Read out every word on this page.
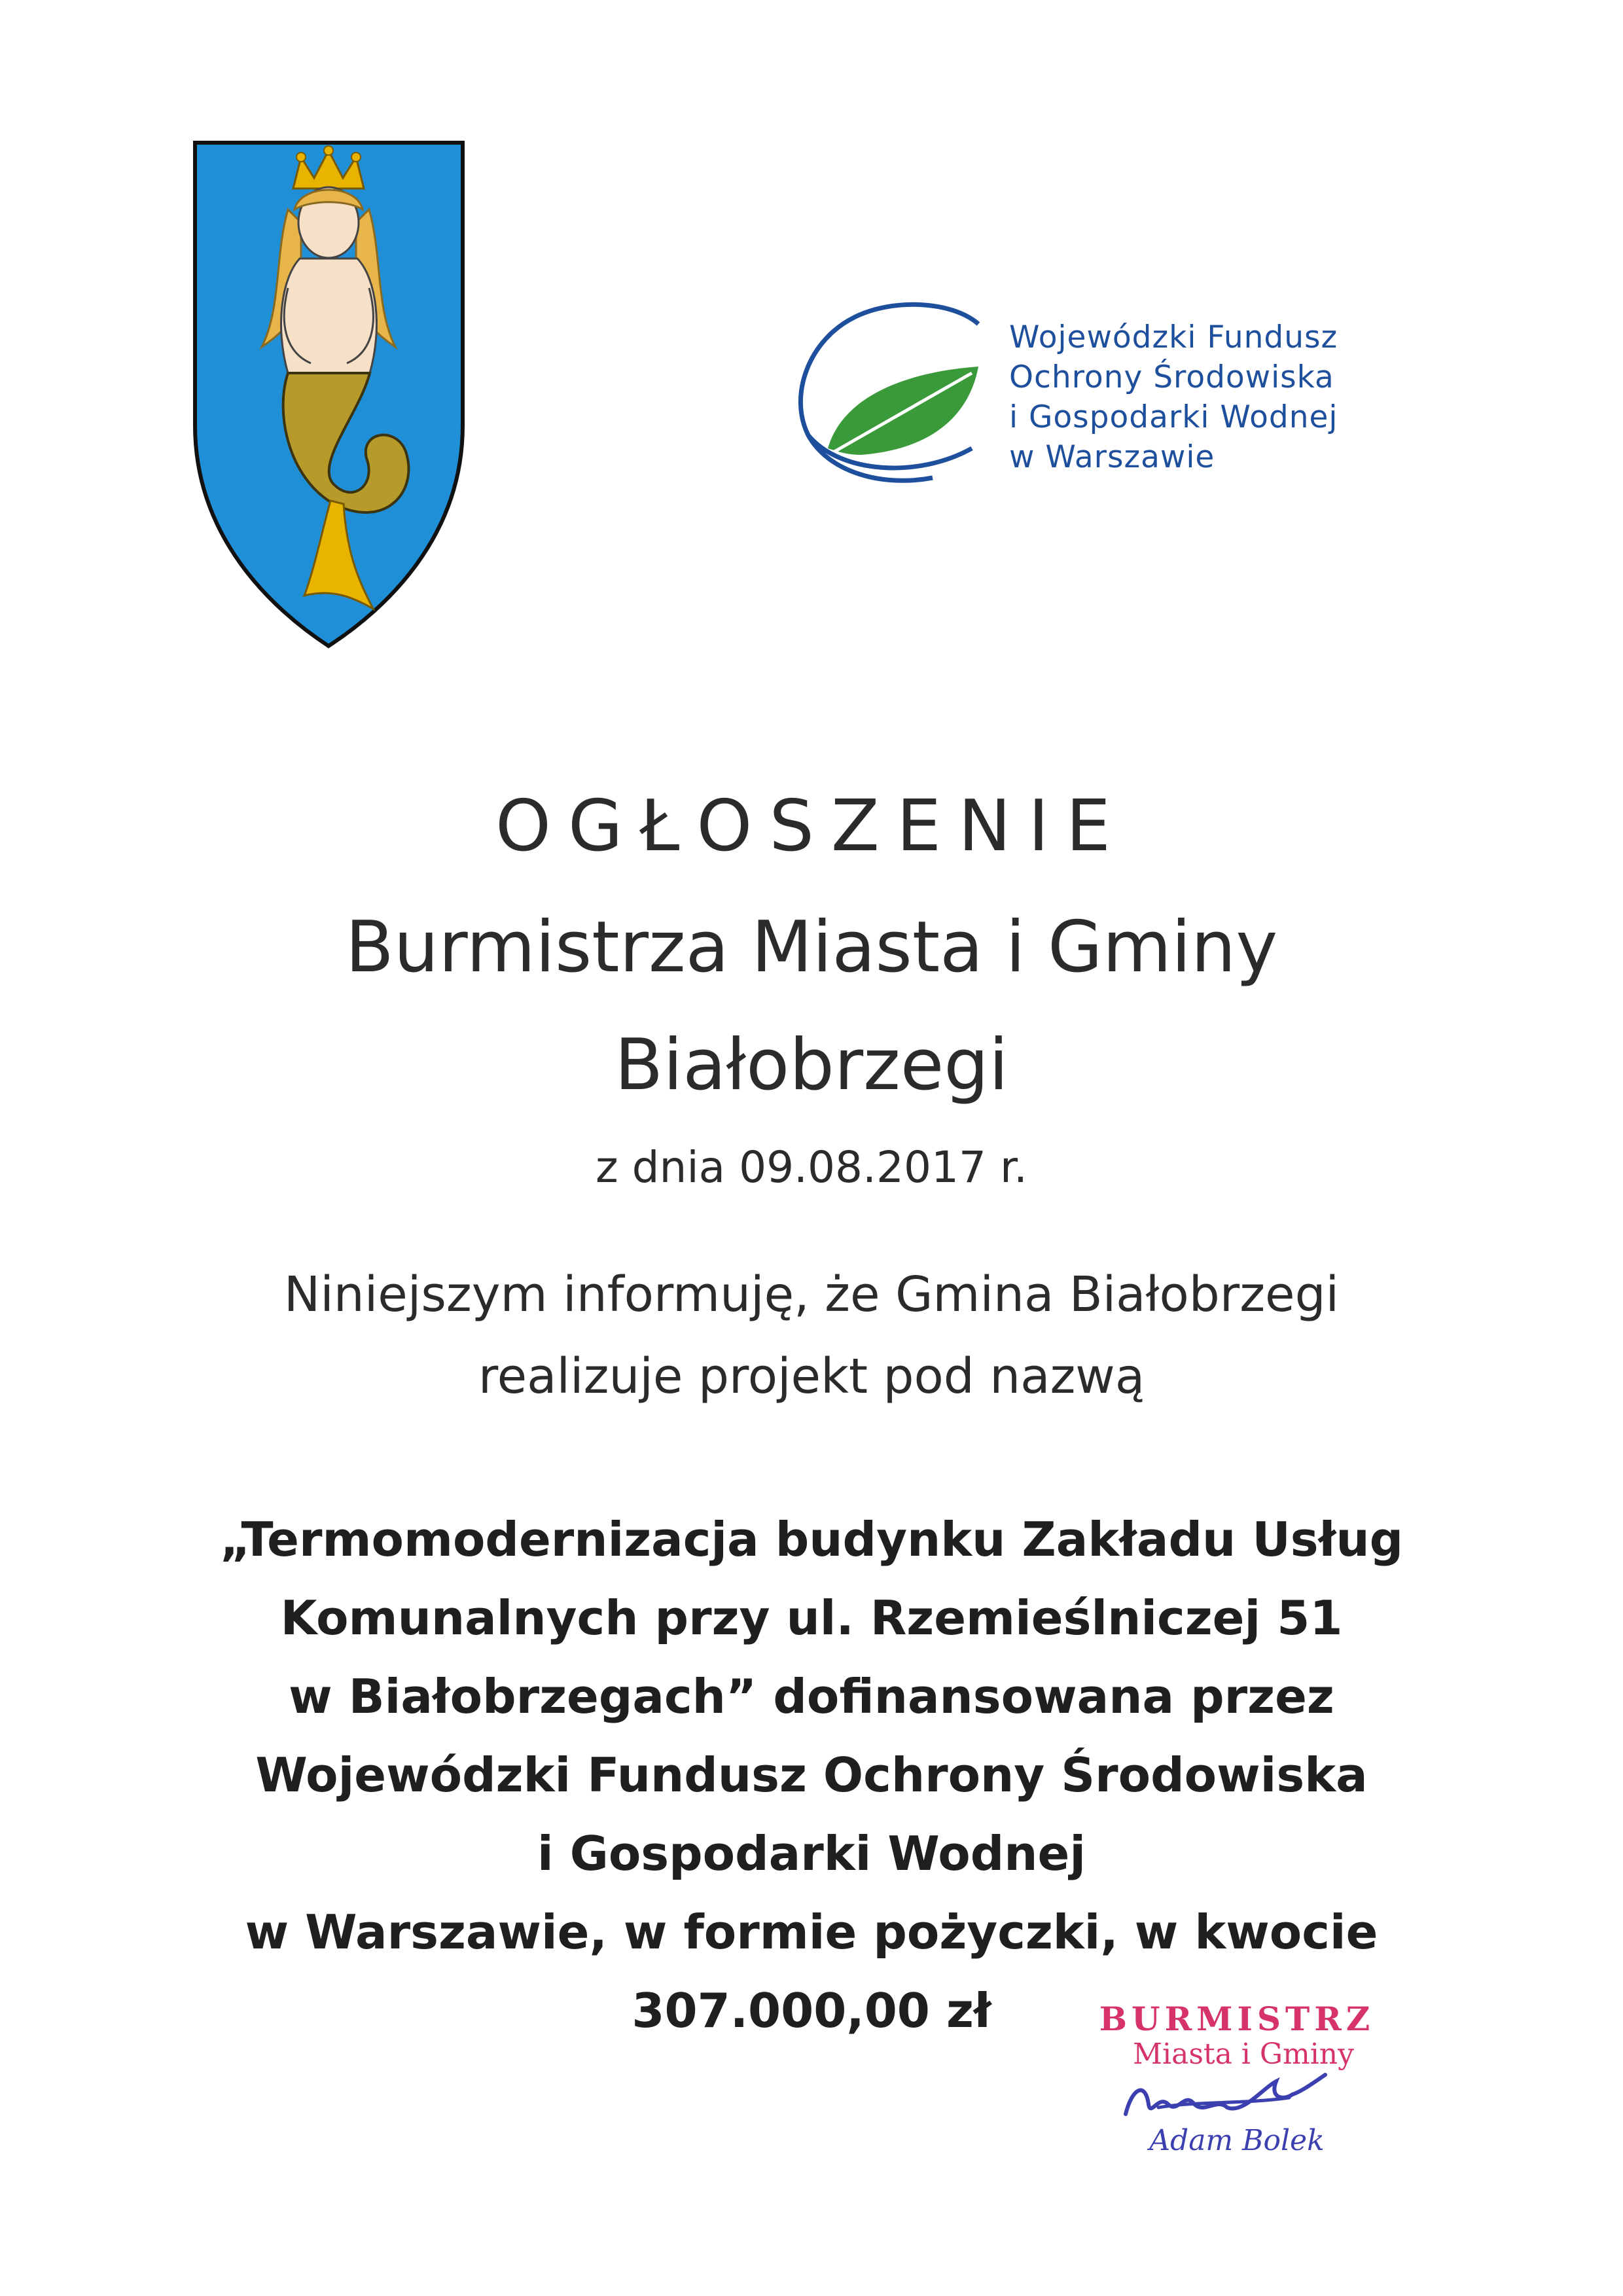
Wojewódzki Fundusz
Ochrony Środowiska
i Gospodarki Wodnej
w Warszawie
OGŁOSZENIE
Burmistrza Miasta i Gminy
Białobrzegi
z dnia 09.08.2017 r.
Niniejszym informuję, że Gmina Białobrzegi
realizuje projekt pod nazwą
„Termomodernizacja budynku Zakładu Usług
Komunalnych przy ul. Rzemieślniczej 51
w Białobrzegach” dofinansowana przez
Wojewódzki Fundusz Ochrony Środowiska
i Gospodarki Wodnej
w Warszawie, w formie pożyczki, w kwocie
307.000,00 zł	BURMISTRZ
Miasta i Gminy
Adam Bolek
